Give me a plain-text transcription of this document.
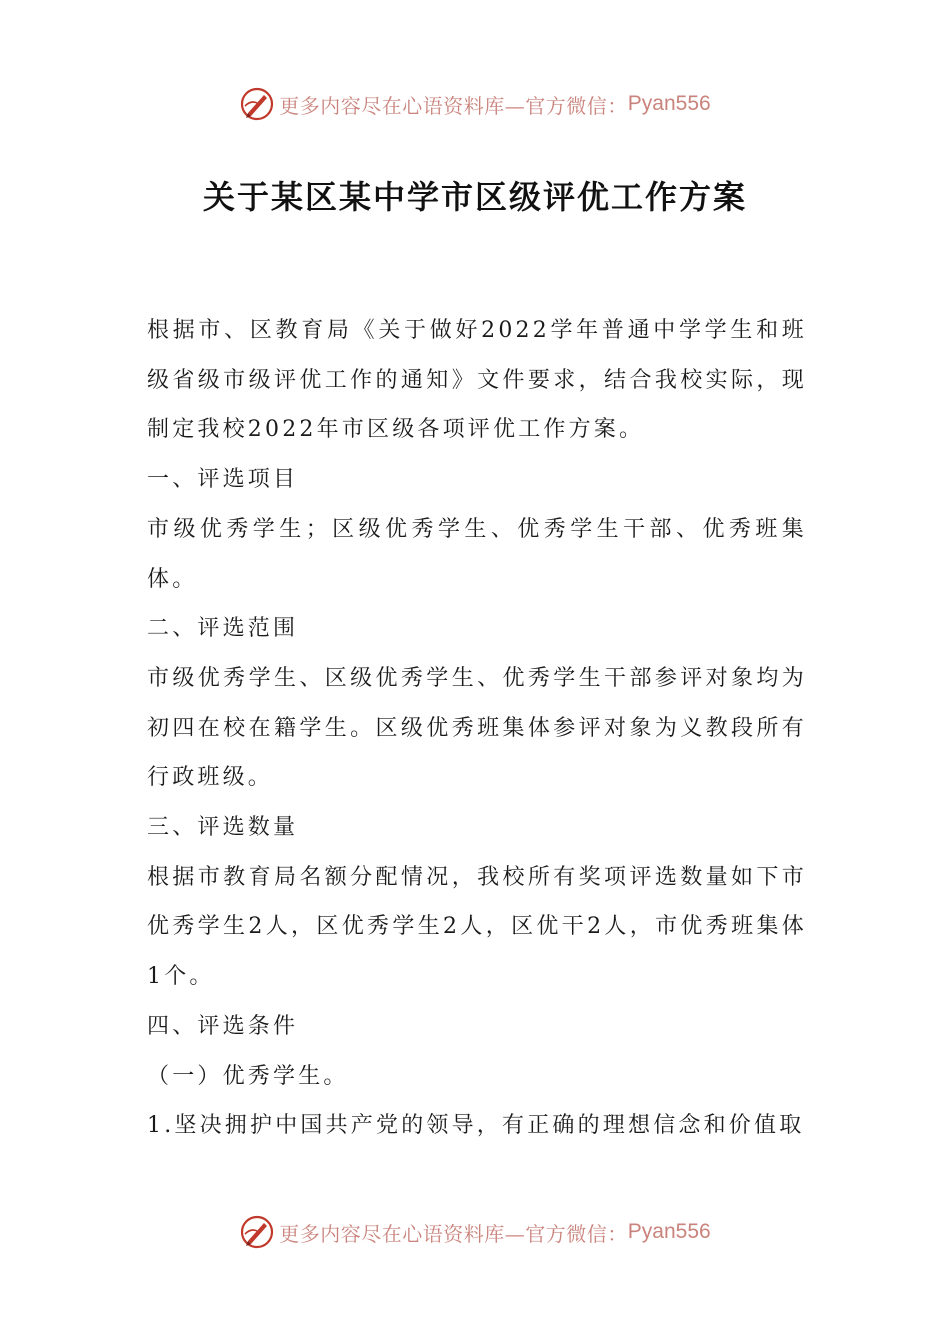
更多内容尽在心语资料库—官方微信： Pyan556
关于某区某中学市区级评优工作方案

根据市、区教育局《关于做好2022学年普通中学学生和班级省级市级评优工作的通知》文件要求，结合我校实际，现制定我校2022年市区级各项评优工作方案。

一、评选项目

市级优秀学生；区级优秀学生、优秀学生干部、优秀班集体。

二、评选范围

市级优秀学生、区级优秀学生、优秀学生干部参评对象均为初四在校在籍学生。区级优秀班集体参评对象为义教段所有行政班级。

三、评选数量

根据市教育局名额分配情况，我校所有奖项评选数量如下市优秀学生2人，区优秀学生2人，区优干2人，市优秀班集体1个。

四、评选条件

（一）优秀学生。

1.坚决拥护中国共产党的领导，有正确的理想信念和价值取

更多内容尽在心语资料库—官方微信： Pyan556
